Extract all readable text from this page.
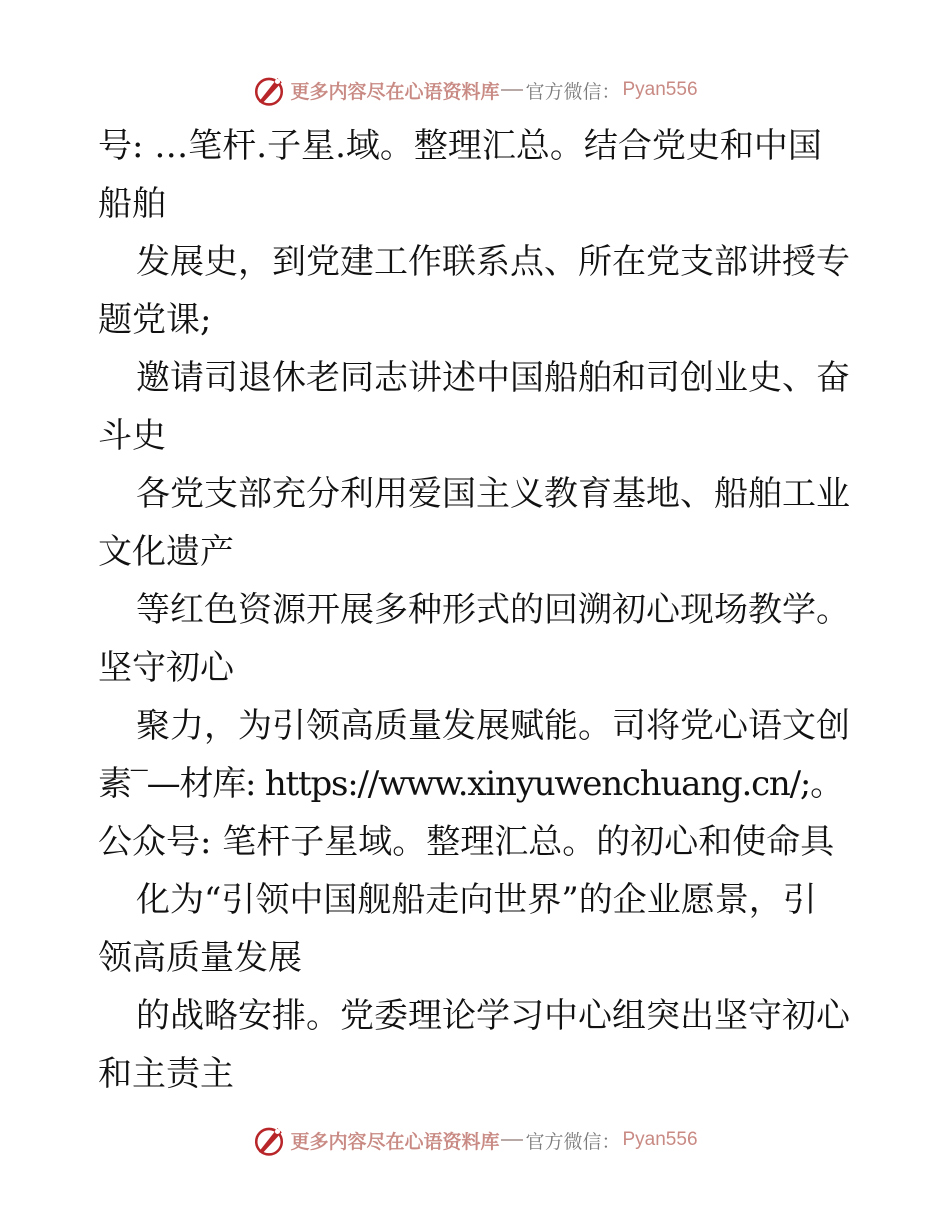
更多内容尽在心语资料库 官方微信： Pyan556
号: …笔杆.子星.域。整理汇总。结合党史和中国
船舶
发展史，到党建工作联系点、所在党支部讲授专
题党课;
邀请司退休老同志讲述中国船舶和司创业史、奋
斗史
各党支部充分利用爱国主义教育基地、船舶工业
文化遗产
等红色资源开展多种形式的回溯初心现场教学。
坚守初心
聚力，为引领高质量发展赋能。司将党心语文创
素‾—材库: https://www.xinyuwenchuang.cn/;。
公众号: 笔杆子星域。整理汇总。的初心和使命具
化为“引领中国舰船走向世界”的企业愿景，引
领高质量发展
的战略安排。党委理论学习中心组突出坚守初心
和主责主
更多内容尽在心语资料库 官方微信： Pyan556
